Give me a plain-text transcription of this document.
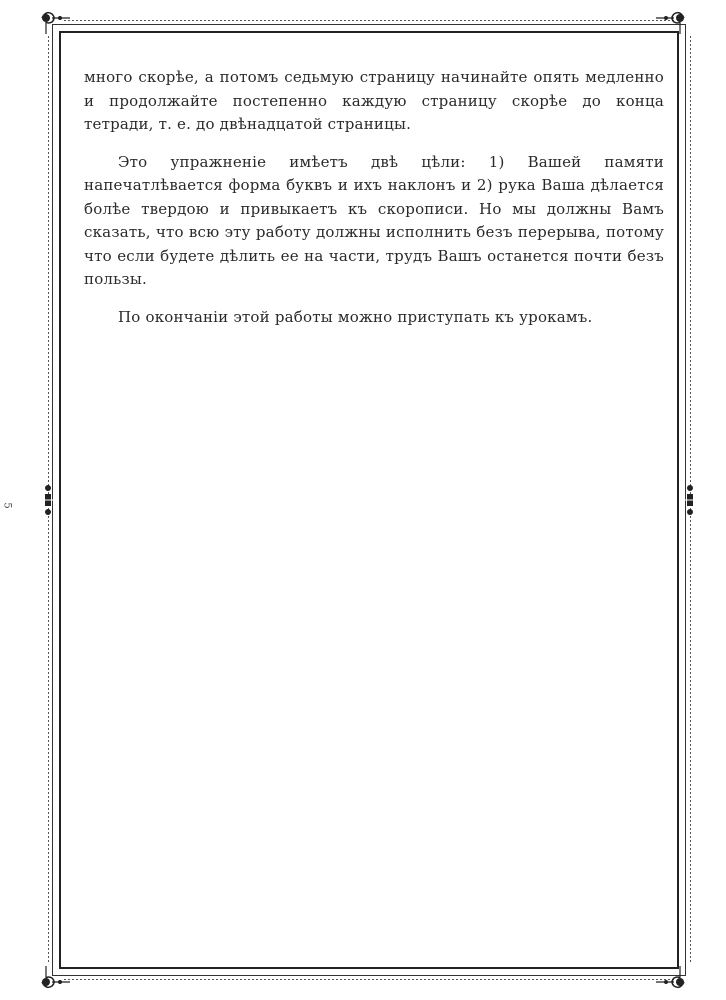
5

много скорѣе, а потомъ седьмую страницу начинайте опять медленно и продолжайте постепенно каждую страницу скорѣе до конца тетради, т. е. до двѣнадцатой страницы.

Это упражненіе имѣетъ двѣ цѣли: 1) Вашей памяти напечатлѣвается форма буквъ и ихъ наклонъ и 2) рука Ваша дѣлается болѣе твердою и привыкаетъ къ скорописи. Но мы должны Вамъ сказать, что всю эту работу должны исполнить безъ перерыва, потому что если будете дѣлить ее на части, трудъ Вашъ останется почти безъ пользы.

По окончаніи этой работы можно приступать къ урокамъ.
